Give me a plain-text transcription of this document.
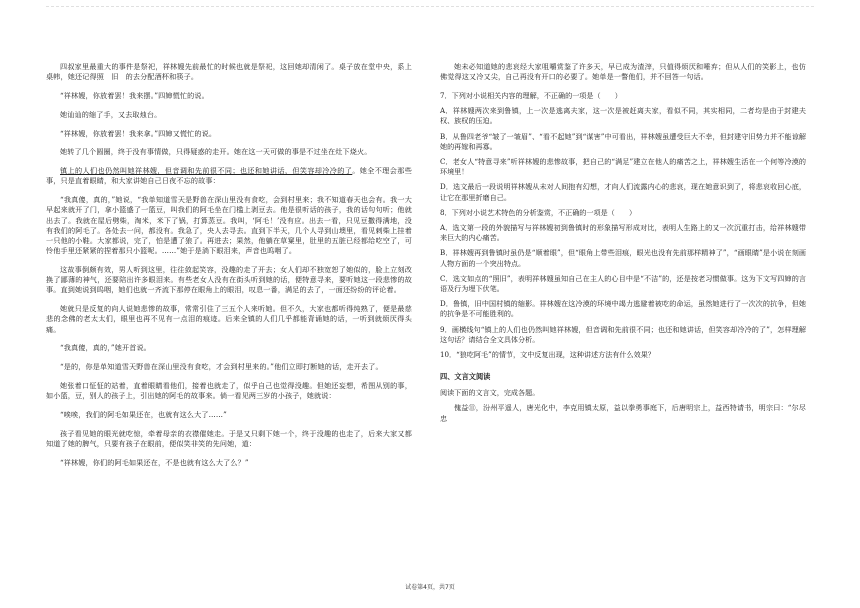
四叔家里最重大的事件是祭祀，祥林嫂先前最忙的时候也就是祭祀，这回她却清闲了。桌子放在堂中央，系上桌帏，她还记得照　旧　的去分配酒杯和筷子。

“祥林嫂，你放着罢！我来摆。”四婶慌忙的说。

她讪讪的缩了手，又去取烛台。

“祥林嫂，你放着罢！我来拿。”四婶又慌忙的说。

她转了几个圆圈，终于没有事情做，只得疑惑的走开。她在这一天可做的事是不过坐在灶下烧火。

镇上的人们也仍然叫她祥林嫂，但音调和先前很不同；也还和她讲话，但笑容却冷冷的了。她全不理会那些事，只是直着眼睛，和大家讲她自己日夜不忘的故事：

“我真傻，真的，”她说，“我单知道雪天是野兽在深山里没有食吃，会到村里来；我不知道春天也会有。我一大早起来就开了门，拿小篮盛了一篮豆，叫我们的阿毛坐在门槛上剥豆去。他是很听话的孩子，我的话句句听；他就出去了。我就在屋后劈柴，淘米，米下了锅，打算蒸豆。我叫，‘阿毛！’没有应。出去一看，只见豆撒得满地，没有我们的阿毛了。各处去一问，都没有。我急了，央人去寻去。直到下半天，几个人寻到山墺里，看见刺柴上挂着一只他的小鞋。大家都说，完了，怕是遭了狼了。再进去；果然，他躺在草窠里，肚里的五脏已经都给吃空了，可怜他手里还紧紧的捏着那只小篮呢。……”她于是淌下眼泪来，声音也呜咽了。

这故事倒颇有效，男人听到这里，往往敛起笑容，没趣的走了开去；女人们却不独宽恕了她似的，脸上立刻改换了鄙薄的神气，还要陪出许多眼泪来。有些老女人没有在街头听到她的话，便特意寻来，要听她这一段悲惨的故事。直到她说到呜咽，她们也就一齐流下那停在眼角上的眼泪，叹息一番，满足的去了，一面还纷纷的评论着。

她就只是反复的向人说她悲惨的故事，常常引住了三五个人来听她。但不久，大家也都听得纯熟了，便是最慈悲的念佛的老太太们，眼里也再不见有一点泪的痕迹。后来全镇的人们几乎都能背诵她的话，一听到就烦厌得头痛。

“我真傻，真的，”她开首说。

“是的，你是单知道雪天野兽在深山里没有食吃，才会到村里来的。”他们立即打断她的话，走开去了。

她张着口怔怔的站着，直着眼睛看他们，接着也就走了，似乎自己也觉得没趣。但她还妄想，希图从别的事，如小篮，豆，别人的孩子上，引出她的阿毛的故事来。倘一看见两三岁的小孩子，她就说：

“唉唉，我们的阿毛如果还在，也就有这么大了……”

孩子看见她的眼光就吃惊，牵着母亲的衣襟催她走。于是又只剩下她一个，终于没趣的也走了，后来大家又都知道了她的脾气，只要有孩子在眼前，便似笑非笑的先问她，道：

“祥林嫂，你们的阿毛如果还在，不是也就有这么大了么？”

她未必知道她的悲哀经大家咀嚼赏鉴了许多天，早已成为渣滓，只值得烦厌和唾弃；但从人们的笑影上，也仿佛觉得这又冷又尖，自己再没有开口的必要了。她单是一瞥他们，并不回答一句话。

7．下列对小说相关内容的理解，不正确的一项是（　　）

A．祥林嫂两次来到鲁镇，上一次是逃离夫家，这一次是被赶离夫家，看似不同，其实相同，二者均是由于封建夫权、族权的压迫。

B．从鲁四老爷“皱了一皱眉”、“看不起她”到“谋害”中可看出，祥林嫂虽遭受巨大不幸，但封建守旧势力并不能谅解她的再嫁和再寡。

C．老女人“特意寻来”听祥林嫂的悲惨故事，把自己的“满足”建立在他人的痛苦之上，祥林嫂生活在一个何等冷漠的环境里！

D．选文最后一段说明祥林嫂从未对人间抱有幻想，才向人们流露内心的悲哀，现在她意识到了，将悲哀收回心底，让它在那里折磨自己。

8．下列对小说艺术特色的分析鉴赏，不正确的一项是（　　）

A．选文第一段的外貌描写与祥林嫂初到鲁镇时的形象描写形成对比，表明人生路上的又一次沉重打击，给祥林嫂带来巨大的内心痛苦。

B．祥林嫂再到鲁镇时虽仍是“顺着眼”，但“眼角上带些泪痕，眼光也没有先前那样精神了”，“画眼睛”是小说在刻画人物方面的一个突出特点。

C．选文如点的“照旧”，表明祥林嫂虽知自己在主人的心目中是“不洁”的，还是按老习惯做事。这为下文写四婶的言语及行为埋下伏笔。

D．鲁镇，旧中国村镇的缩影。祥林嫂在这冷漠的环境中竭力逃避着被吃的命运，虽然她进行了一次次的抗争，但她的抗争是不可能胜利的。

9．画横线句“镇上的人们也仍然叫她祥林嫂，但音调和先前很不同；也还和她讲话，但笑容却冷冷的了”，怎样理解这句话？请结合全文具体分析。

10．“狼吃阿毛”的情节，文中反复出现，这种讲述方法有什么效果？

四、文言文阅读

阅读下面的文言文，完成各题。

傀益⑪，汾州平遥人，唐光化中，李克用镇太原，益以拳勇事庭下，后唐明宗上，益西特请书，明宗曰：“尔尽忠

试卷第4页，共7页
